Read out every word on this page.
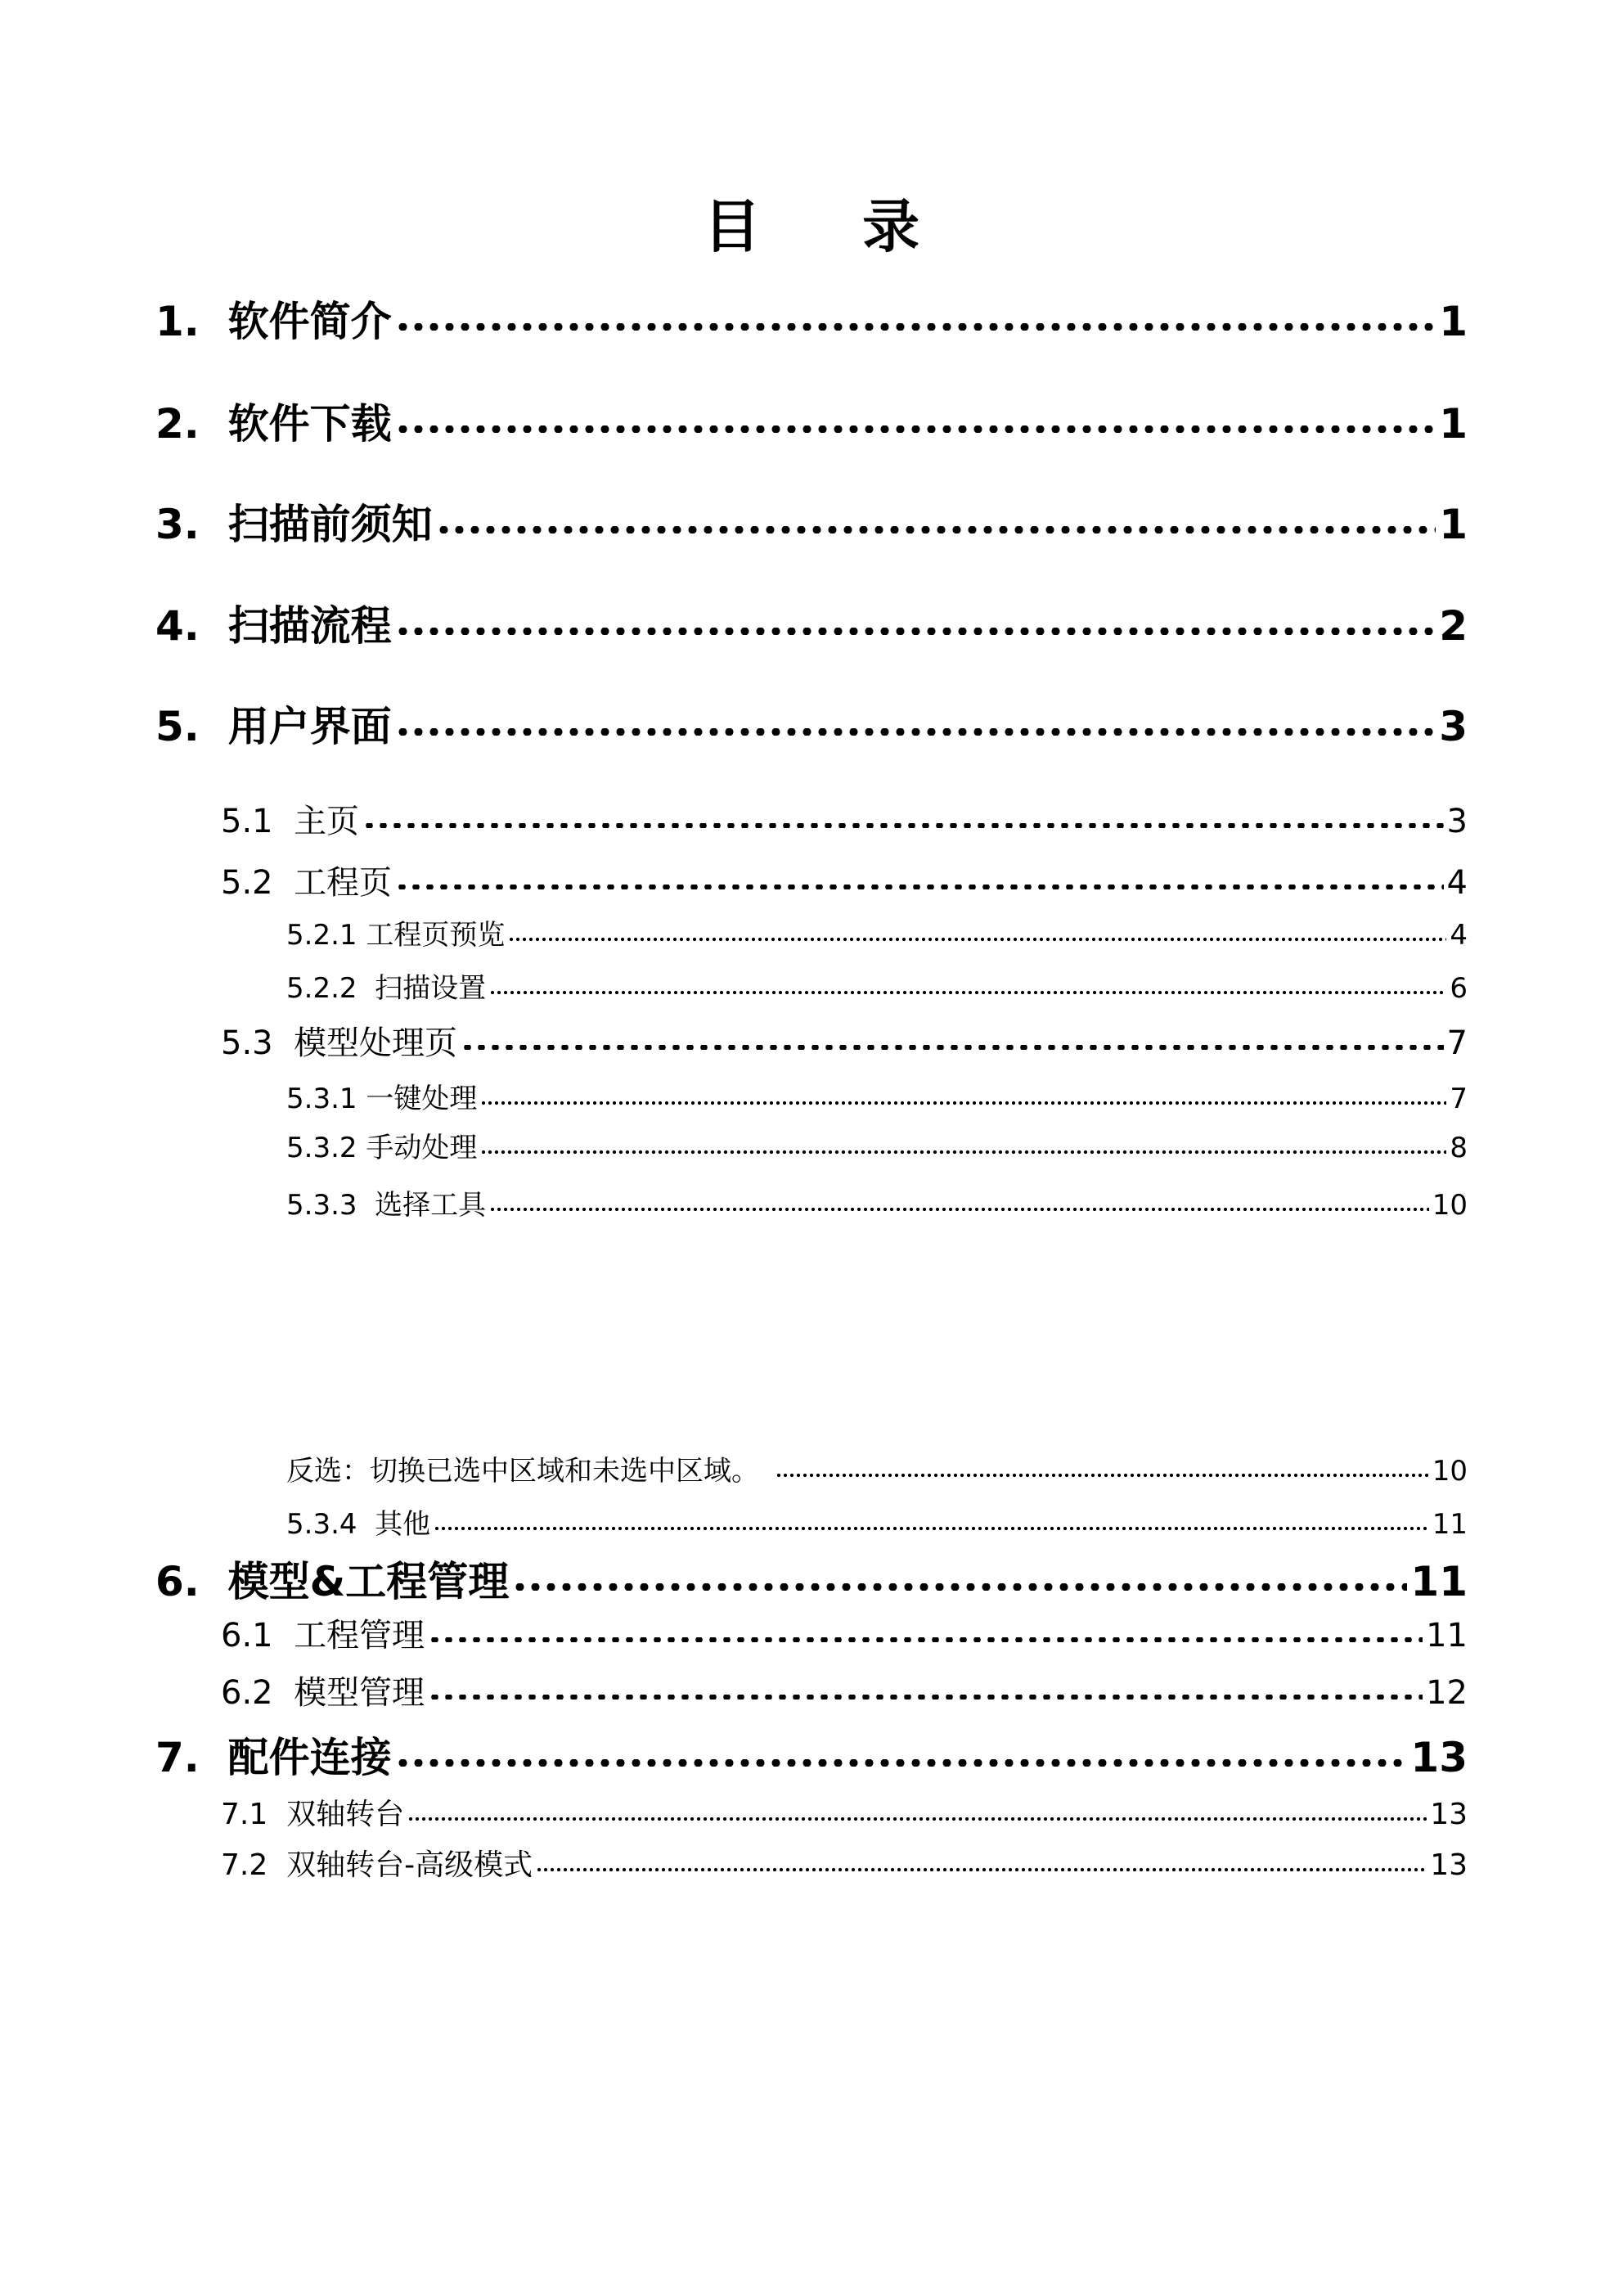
目 录
1. 软件简介	1
2. 软件下载	1
3. 扫描前须知	1
4. 扫描流程	2
5. 用户界面	3
5.1 主页	3
5.2 工程页	4
5.2.1 工程页预览	4
5.2.2 扫描设置	6
5.3 模型处理页	7
5.3.1 一键处理	7
5.3.2 手动处理	8
5.3.3 选择工具	10
反选：切换已选中区域和未选中区域。	10
5.3.4 其他	11
6. 模型&工程管理	11
6.1 工程管理	11
6.2 模型管理	12
7. 配件连接	13
7.1 双轴转台	13
7.2 双轴转台-高级模式	13
